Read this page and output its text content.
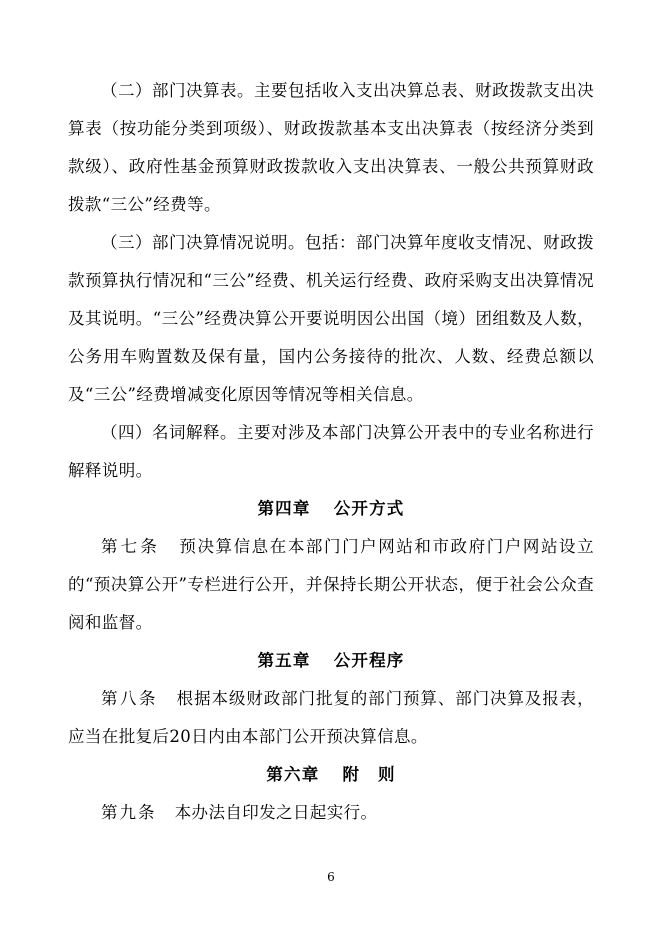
（二）部门决算表。主要包括收入支出决算总表、财政拨款支出决算表（按功能分类到项级）、财政拨款基本支出决算表（按经济分类到款级）、政府性基金预算财政拨款收入支出决算表、一般公共预算财政拨款“三公”经费等。

（三）部门决算情况说明。包括：部门决算年度收支情况、财政拨款预算执行情况和“三公”经费、机关运行经费、政府采购支出决算情况及其说明。“三公”经费决算公开要说明因公出国（境）团组数及人数，公务用车购置数及保有量，国内公务接待的批次、人数、经费总额以及“三公”经费增减变化原因等情况等相关信息。

（四）名词解释。主要对涉及本部门决算公开表中的专业名称进行解释说明。

第四章 公开方式

第七条 预决算信息在本部门门户网站和市政府门户网站设立的“预决算公开”专栏进行公开，并保持长期公开状态，便于社会公众查阅和监督。

第五章 公开程序

第八条 根据本级财政部门批复的部门预算、部门决算及报表，应当在批复后20日内由本部门公开预决算信息。

第六章 附　则

第九条 本办法自印发之日起实行。

6
